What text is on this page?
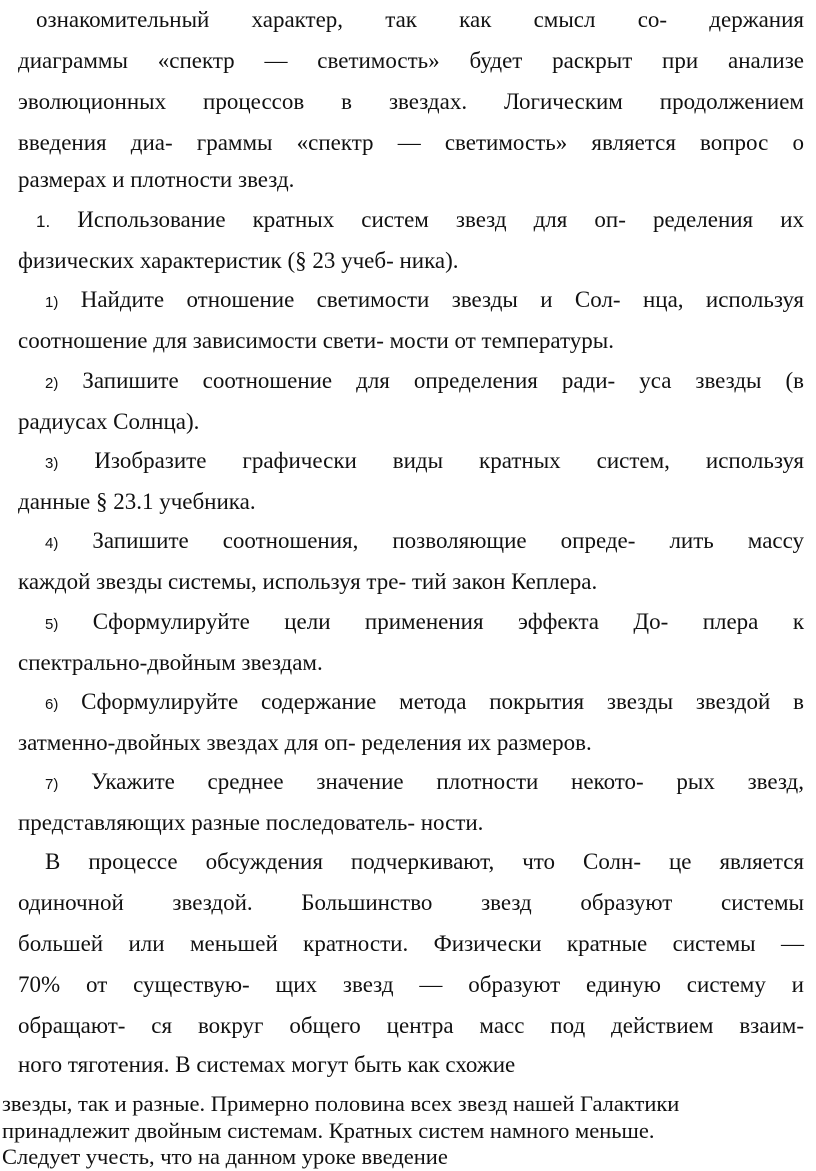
ознакомительный характер, так как смысл со- держания
диаграммы «спектр — светимость» будет раскрыт при анализе
эволюционных процессов в звездах. Логическим продолжением
введения диа- граммы «спектр — светимость» является вопрос о
размерах и плотности звезд.
1. Использование кратных систем звезд для оп- ределения их
физических характеристик (§ 23 учеб- ника).
1) Найдите отношение светимости звезды и Сол- нца, используя
соотношение для зависимости свети- мости от температуры.
2) Запишите соотношение для определения ради- уса звезды (в
радиусах Солнца).
3) Изобразите графически виды кратных систем, используя
данные § 23.1 учебника.
4) Запишите соотношения, позволяющие опреде- лить массу
каждой звезды системы, используя тре- тий закон Кеплера.
5) Сформулируйте цели применения эффекта До- плера к
спектрально-двойным звездам.
6) Сформулируйте содержание метода покрытия звезды звездой в
затменно-двойных звездах для оп- ределения их размеров.
7) Укажите среднее значение плотности некото- рых звезд,
представляющих разные последователь- ности.
В процессе обсуждения подчеркивают, что Солн- це является
одиночной звездой. Большинство звезд образуют системы
большей или меньшей кратности. Физически кратные системы —
70% от существую- щих звезд — образуют единую систему и
обращают- ся вокруг общего центра масс под действием взаим-
ного тяготения. В системах могут быть как схожие
звезды, так и разные. Примерно половина всех звезд нашей Галактики
принадлежит двойным системам. Кратных систем намного меньше.
Следует учесть, что на данном уроке введение
